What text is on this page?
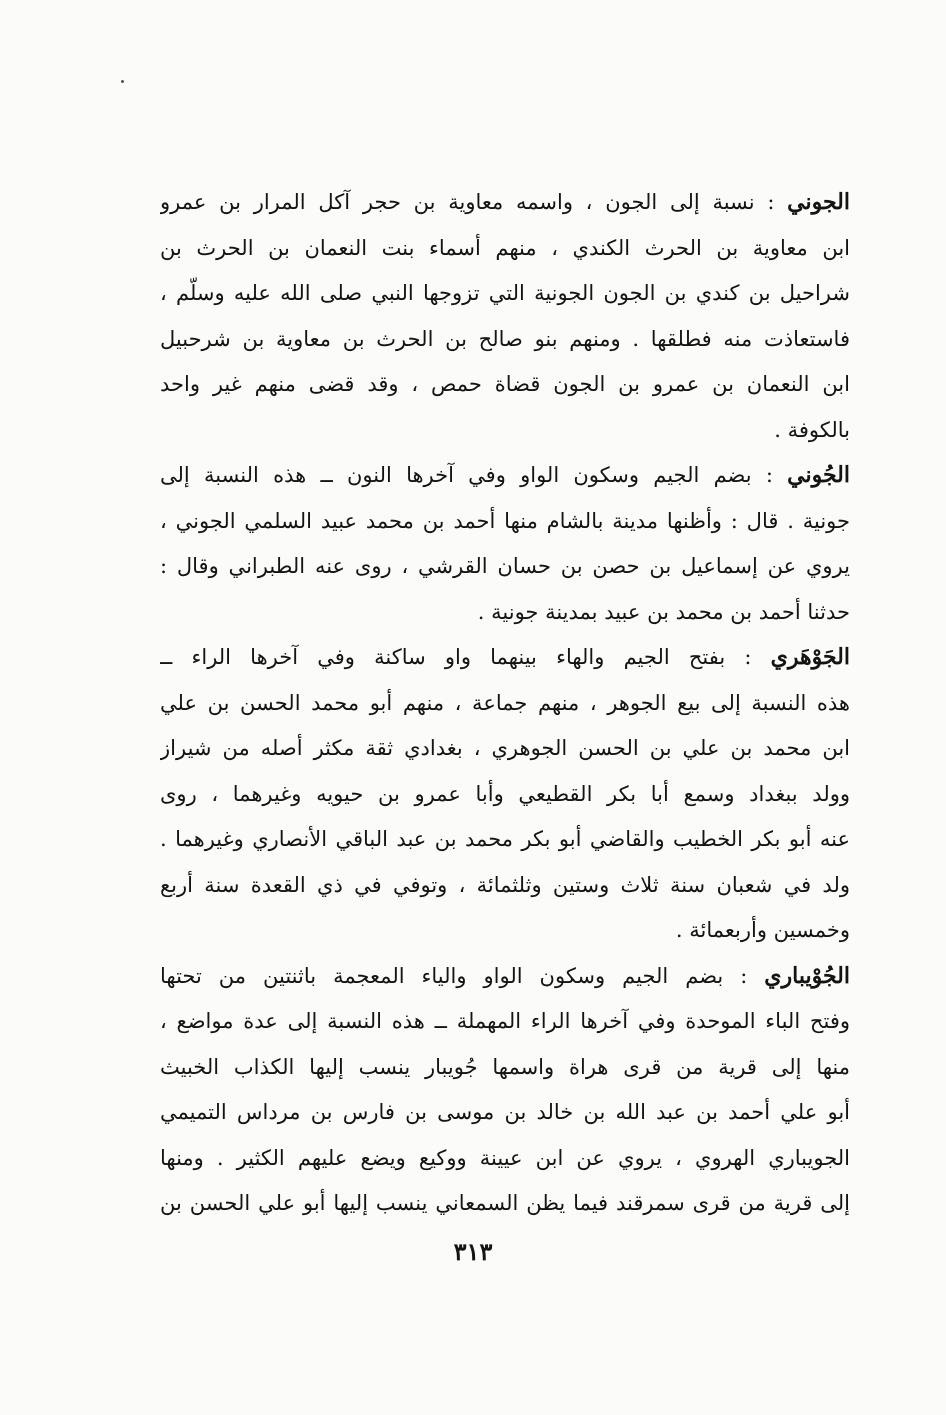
الجوني : نسبة إلى الجون ، واسمه معاوية بن حجر آكل المرار بن عمرو
ابن معاوية بن الحرث الكندي ، منهم أسماء بنت النعمان بن الحرث بن
شراحيل بن كندي بن الجون الجونية التي تزوجها النبي صلى الله عليه وسلّم ،
فاستعاذت منه فطلقها . ومنهم بنو صالح بن الحرث بن معاوية بن شرحبيل
ابن النعمان بن عمرو بن الجون قضاة حمص ، وقد قضى منهم غير واحد
بالكوفة .
الجُوني : بضم الجيم وسكون الواو وفي آخرها النون ــ هذه النسبة إلى
جونية . قال : وأظنها مدينة بالشام منها أحمد بن محمد عبيد السلمي الجوني ،
يروي عن إسماعيل بن حصن بن حسان القرشي ، روى عنه الطبراني وقال :
حدثنا أحمد بن محمد بن عبيد بمدينة جونية .
الجَوْهَري : بفتح الجيم والهاء بينهما واو ساكنة وفي آخرها الراء ــ
هذه النسبة إلى بيع الجوهر ، منهم جماعة ، منهم أبو محمد الحسن بن علي
ابن محمد بن علي بن الحسن الجوهري ، بغدادي ثقة مكثر أصله من شيراز
وولد ببغداد وسمع أبا بكر القطيعي وأبا عمرو بن حيويه وغيرهما ، روى
عنه أبو بكر الخطيب والقاضي أبو بكر محمد بن عبد الباقي الأنصاري وغيرهما .
ولد في شعبان سنة ثلاث وستين وثلثمائة ، وتوفي في ذي القعدة سنة أربع
وخمسين وأربعمائة .
الجُوْيباري : بضم الجيم وسكون الواو والياء المعجمة باثنتين من تحتها
وفتح الباء الموحدة وفي آخرها الراء المهملة ــ هذه النسبة إلى عدة مواضع ،
منها إلى قرية من قرى هراة واسمها جُويبار ينسب إليها الكذاب الخبيث
أبو علي أحمد بن عبد الله بن خالد بن موسى بن فارس بن مرداس التميمي
الجويباري الهروي ، يروي عن ابن عيينة ووكيع ويضع عليهم الكثير . ومنها
إلى قرية من قرى سمرقند فيما يظن السمعاني ينسب إليها أبو علي الحسن بن
٣١٣
